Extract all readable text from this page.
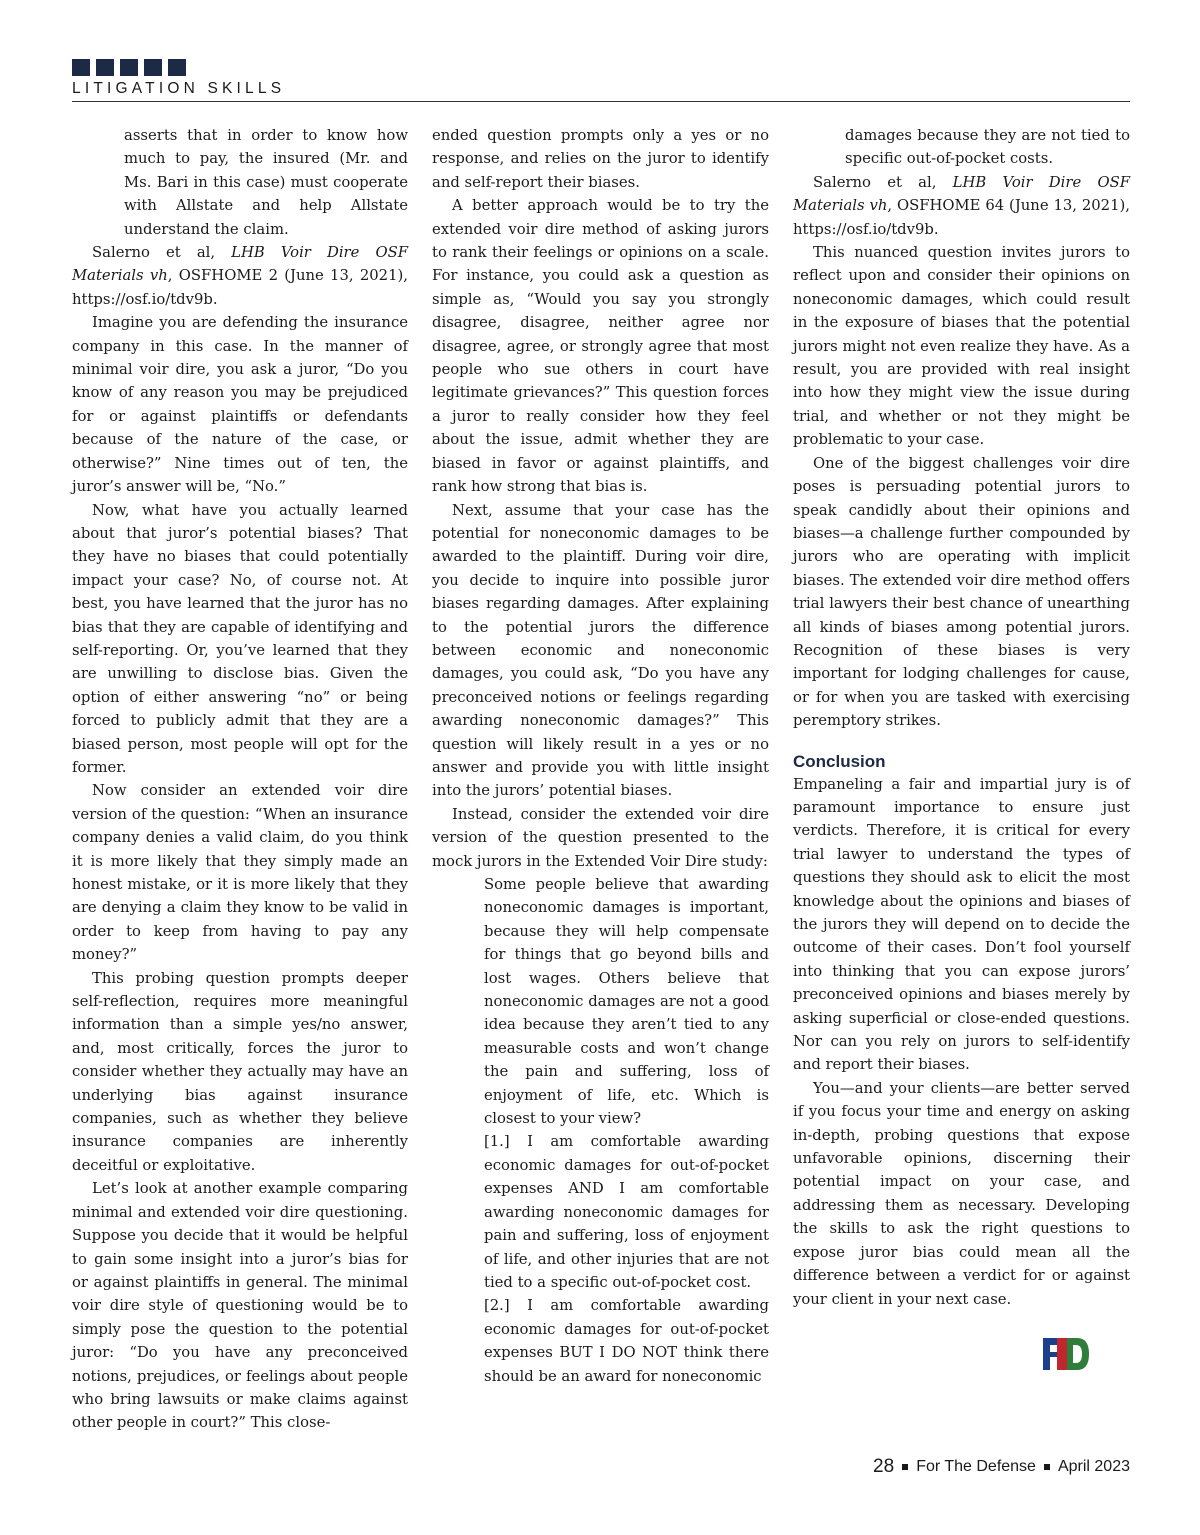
LITIGATION SKILLS

asserts that in order to know how much to pay, the insured (Mr. and Ms. Bari in this case) must cooperate with Allstate and help Allstate understand the claim.

Salerno et al, LHB Voir Dire OSF Materials vh, OSFHOME 2 (June 13, 2021), https://osf.io/tdv9b.

Imagine you are defending the insurance company in this case. In the manner of minimal voir dire, you ask a juror, “Do you know of any reason you may be prejudiced for or against plaintiffs or defendants because of the nature of the case, or otherwise?” Nine times out of ten, the juror’s answer will be, “No.”

Now, what have you actually learned about that juror’s potential biases? That they have no biases that could potentially impact your case? No, of course not. At best, you have learned that the juror has no bias that they are capable of identifying and self-reporting. Or, you’ve learned that they are unwilling to disclose bias. Given the option of either answering “no” or being forced to publicly admit that they are a biased person, most people will opt for the former.

Now consider an extended voir dire version of the question: “When an insurance company denies a valid claim, do you think it is more likely that they simply made an honest mistake, or it is more likely that they are denying a claim they know to be valid in order to keep from having to pay any money?”

This probing question prompts deeper self-reflection, requires more meaningful information than a simple yes/no answer, and, most critically, forces the juror to consider whether they actually may have an underlying bias against insurance companies, such as whether they believe insurance companies are inherently deceitful or exploitative.

Let’s look at another example comparing minimal and extended voir dire questioning. Suppose you decide that it would be helpful to gain some insight into a juror’s bias for or against plaintiffs in general. The minimal voir dire style of questioning would be to simply pose the question to the potential juror: “Do you have any preconceived notions, prejudices, or feelings about people who bring lawsuits or make claims against other people in court?” This close-

ended question prompts only a yes or no response, and relies on the juror to identify and self-report their biases.

A better approach would be to try the extended voir dire method of asking jurors to rank their feelings or opinions on a scale. For instance, you could ask a question as simple as, “Would you say you strongly disagree, disagree, neither agree nor disagree, agree, or strongly agree that most people who sue others in court have legitimate grievances?” This question forces a juror to really consider how they feel about the issue, admit whether they are biased in favor or against plaintiffs, and rank how strong that bias is.

Next, assume that your case has the potential for noneconomic damages to be awarded to the plaintiff. During voir dire, you decide to inquire into possible juror biases regarding damages. After explaining to the potential jurors the difference between economic and noneconomic damages, you could ask, “Do you have any preconceived notions or feelings regarding awarding noneconomic damages?” This question will likely result in a yes or no answer and provide you with little insight into the jurors’ potential biases.

Instead, consider the extended voir dire version of the question presented to the mock jurors in the Extended Voir Dire study:

Some people believe that awarding noneconomic damages is important, because they will help compensate for things that go beyond bills and lost wages. Others believe that noneconomic damages are not a good idea because they aren’t tied to any measurable costs and won’t change the pain and suffering, loss of enjoyment of life, etc. Which is closest to your view?

[1.] I am comfortable awarding economic damages for out-of-pocket expenses AND I am comfortable awarding noneconomic damages for pain and suffering, loss of enjoyment of life, and other injuries that are not tied to a specific out-of-pocket cost.

[2.] I am comfortable awarding economic damages for out-of-pocket expenses BUT I DO NOT think there should be an award for noneconomic

damages because they are not tied to specific out-of-pocket costs.

Salerno et al, LHB Voir Dire OSF Materials vh, OSFHOME 64 (June 13, 2021), https://osf.io/tdv9b.

This nuanced question invites jurors to reflect upon and consider their opinions on noneconomic damages, which could result in the exposure of biases that the potential jurors might not even realize they have. As a result, you are provided with real insight into how they might view the issue during trial, and whether or not they might be problematic to your case.

One of the biggest challenges voir dire poses is persuading potential jurors to speak candidly about their opinions and biases—a challenge further compounded by jurors who are operating with implicit biases. The extended voir dire method offers trial lawyers their best chance of unearthing all kinds of biases among potential jurors. Recognition of these biases is very important for lodging challenges for cause, or for when you are tasked with exercising peremptory strikes.

Conclusion

Empaneling a fair and impartial jury is of paramount importance to ensure just verdicts. Therefore, it is critical for every trial lawyer to understand the types of questions they should ask to elicit the most knowledge about the opinions and biases of the jurors they will depend on to decide the outcome of their cases. Don’t fool yourself into thinking that you can expose jurors’ preconceived opinions and biases merely by asking superficial or close-ended questions. Nor can you rely on jurors to self-identify and report their biases.

You—and your clients—are better served if you focus your time and energy on asking in-depth, probing questions that expose unfavorable opinions, discerning their potential impact on your case, and addressing them as necessary. Developing the skills to ask the right questions to expose juror bias could mean all the difference between a verdict for or against your client in your next case.

28 For The Defense April 2023
